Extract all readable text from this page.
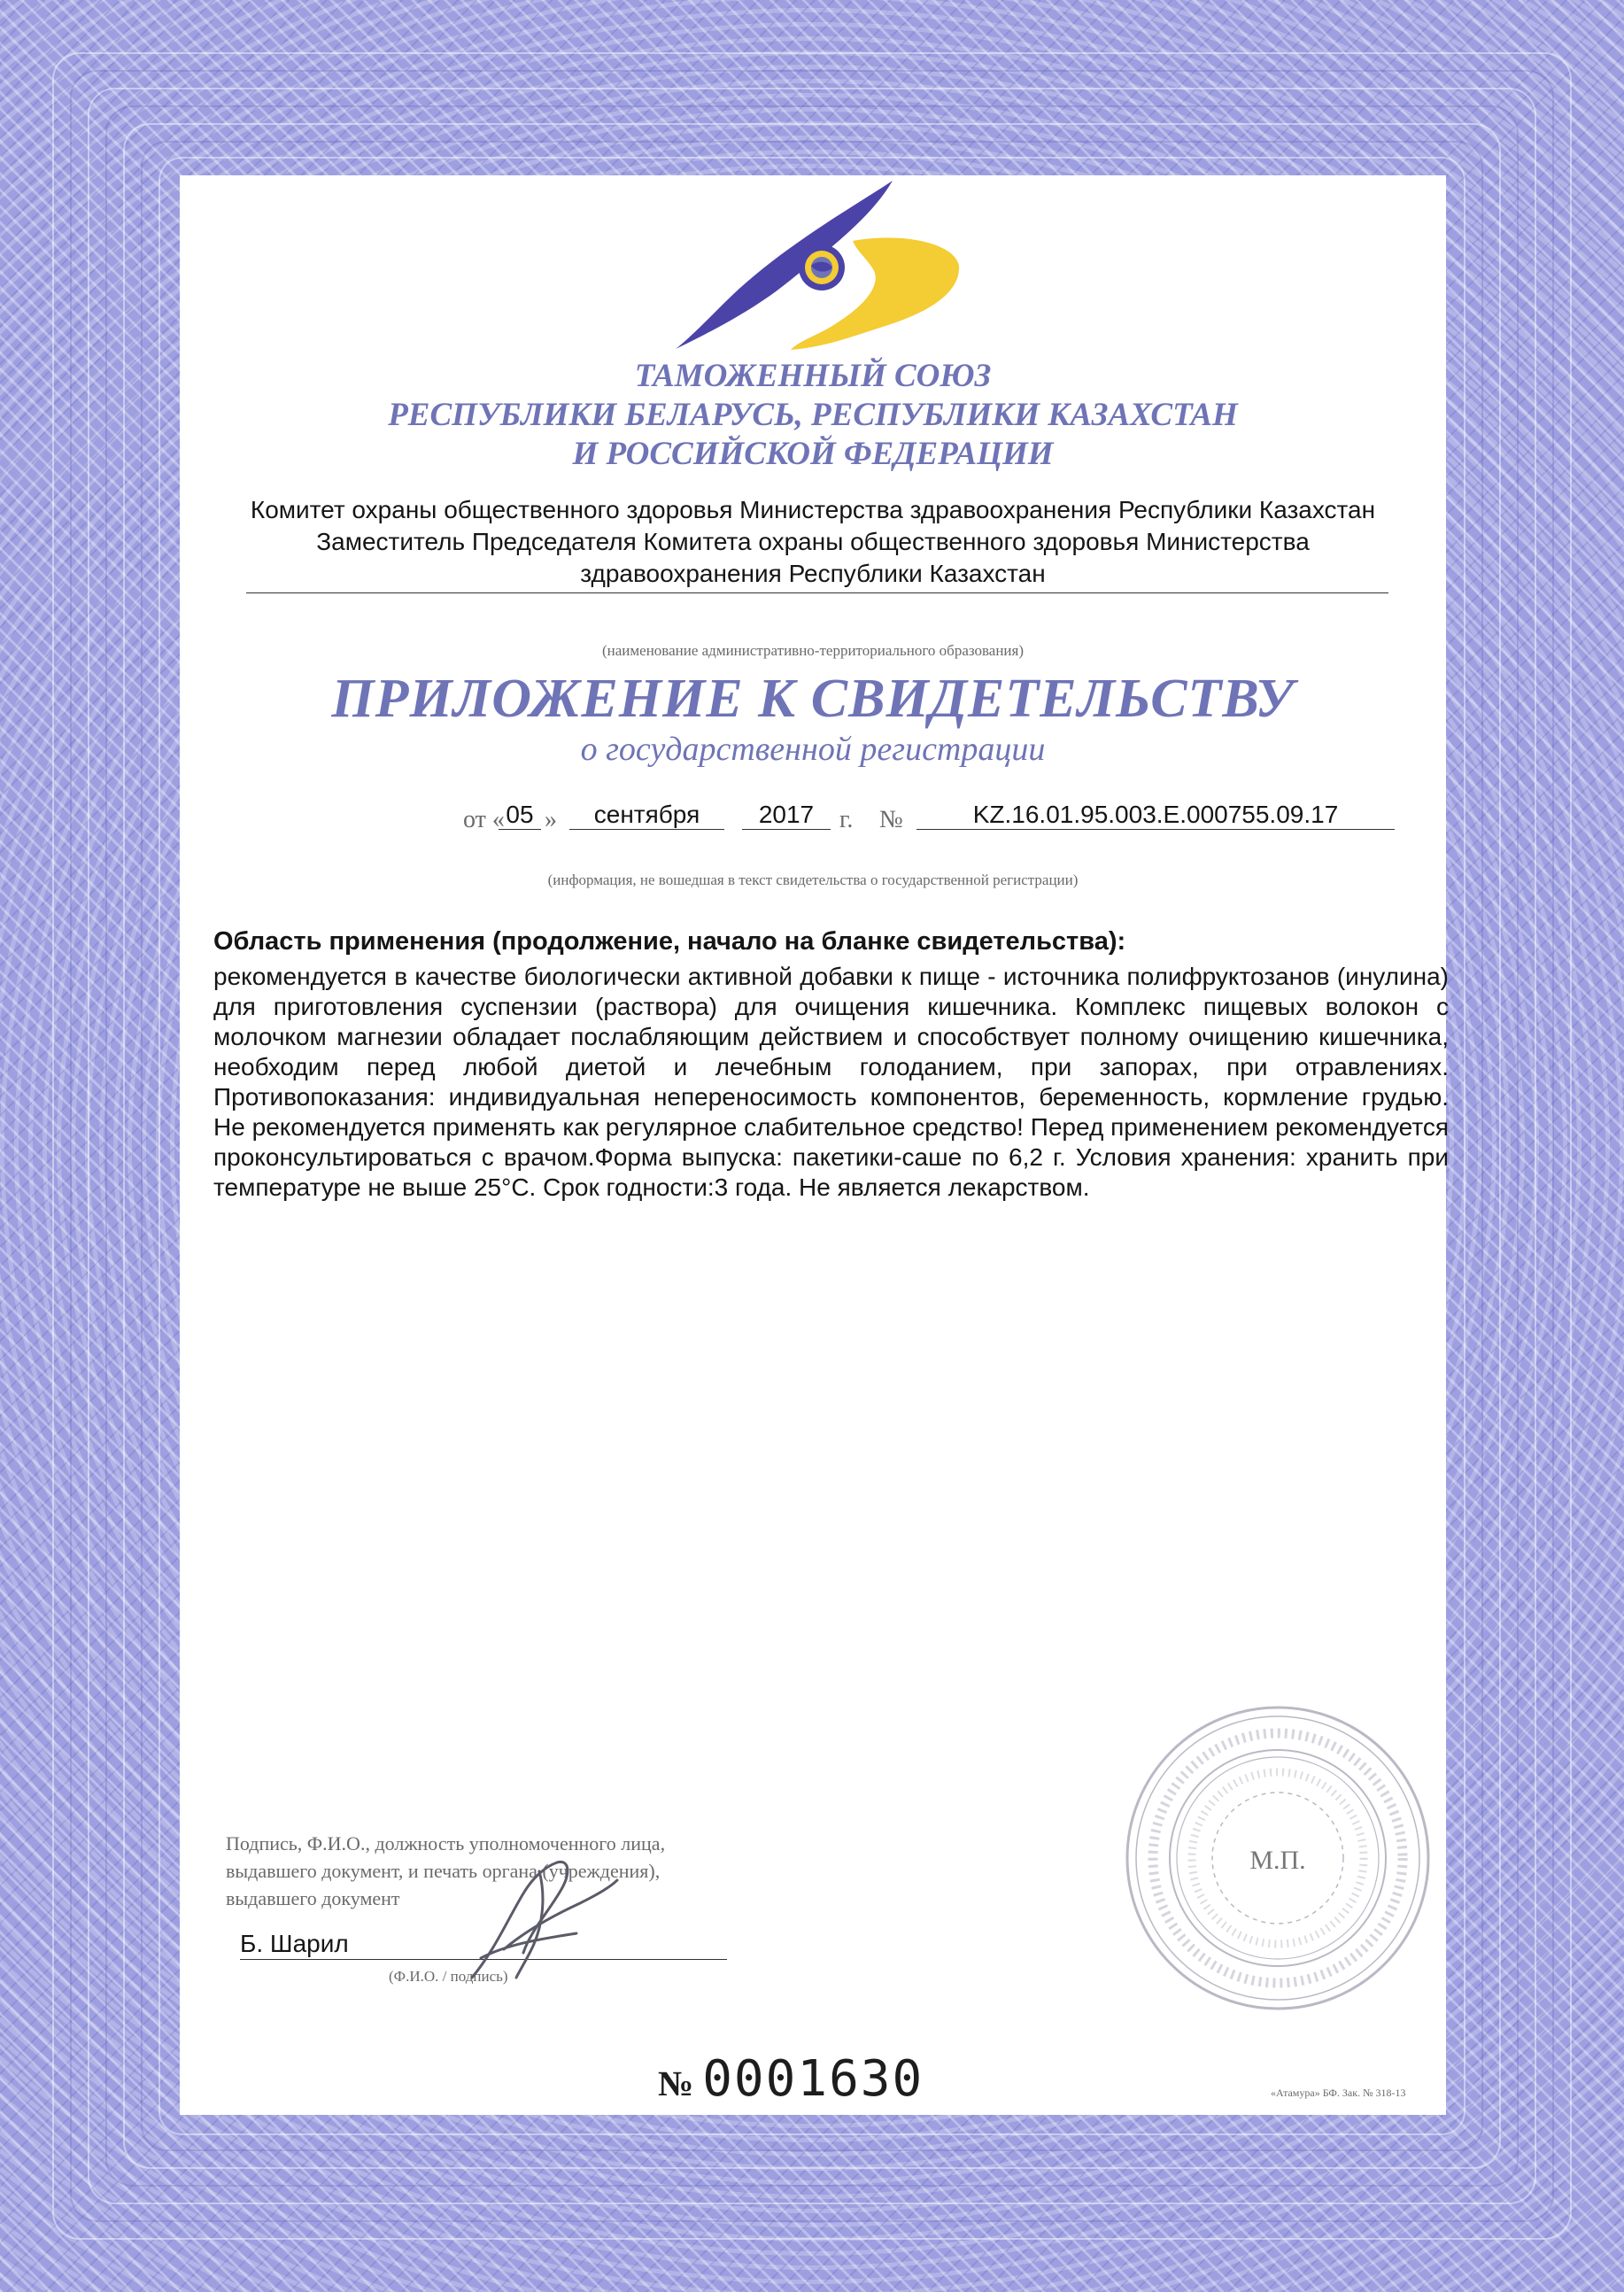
ТАМОЖЕННЫЙ СОЮЗ
РЕСПУБЛИКИ БЕЛАРУСЬ, РЕСПУБЛИКИ КАЗАХСТАН
И РОССИЙСКОЙ ФЕДЕРАЦИИ
Комитет охраны общественного здоровья Министерства здравоохранения Республики Казахстан
Заместитель Председателя Комитета охраны общественного здоровья Министерства
здравоохранения Республики Казахстан
(наименование административно-территориального образования)
ПРИЛОЖЕНИЕ К СВИДЕТЕЛЬСТВУ
о государственной регистрации
от « 05 »	сентября	2017	г. №	KZ.16.01.95.003.E.000755.09.17
(информация, не вошедшая в текст свидетельства о государственной регистрации)
Область применения (продолжение, начало на бланке свидетельства):
рекомендуется в качестве биологически активной добавки к пище - источника полифруктозанов (инулина) для приготовления суспензии (раствора) для очищения кишечника. Комплекс пищевых волокон с молочком магнезии обладает послабляющим действием и способствует полному очищению кишечника, необходим перед любой диетой и лечебным голоданием, при запорах, при отравлениях. Противопоказания: индивидуальная непереносимость компонентов, беременность, кормление грудью. Не рекомендуется применять как регулярное слабительное средство! Перед применением рекомендуется проконсультироваться с врачом.Форма выпуска: пакетики-саше по 6,2 г. Условия хранения: хранить при температуре не выше 25°С. Срок годности:3 года. Не является лекарством.
Подпись, Ф.И.О., должность уполномоченного лица,
выдавшего документ, и печать органа (учреждения),
выдавшего документ
Б. Шарил
(Ф.И.О. / подпись)
М.П.
№ 0001630	«Атамура» БФ. Зак. № 318-13
